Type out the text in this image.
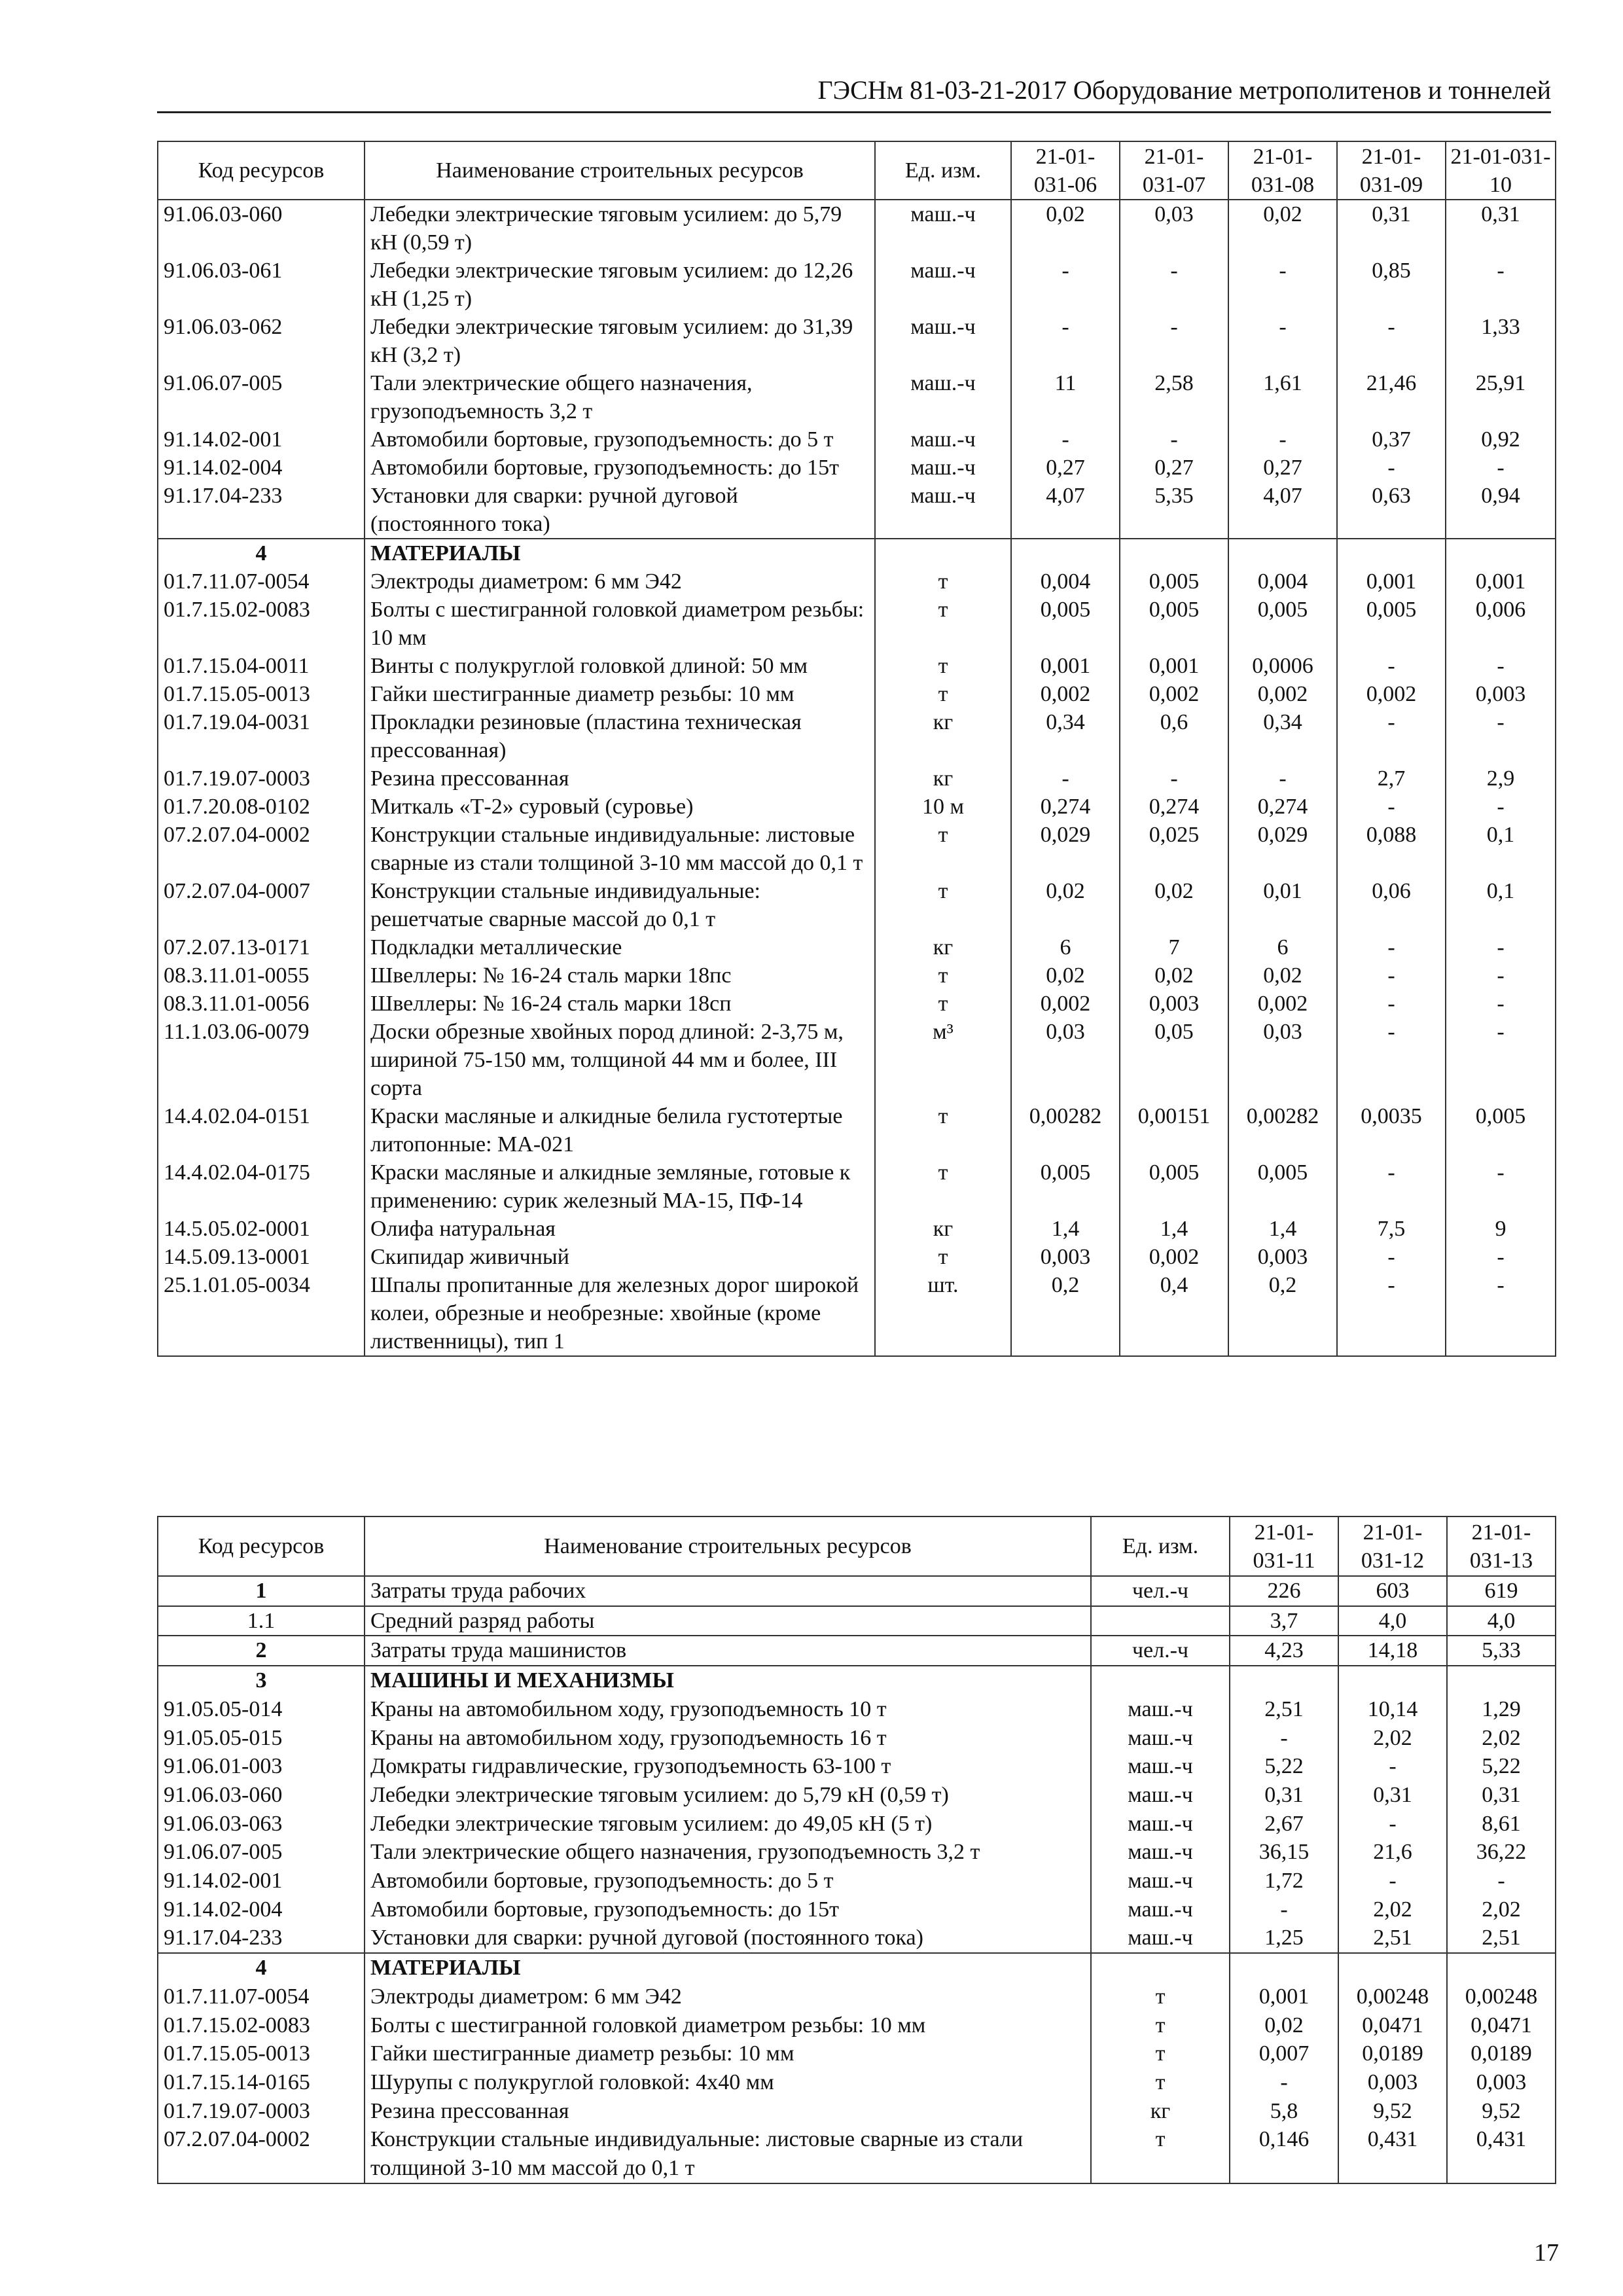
ГЭСНм 81-03-21-2017 Оборудование метрополитенов и тоннелей
Код ресурсов	Наименование строительных ресурсов	Ед. изм.	21-01-031-06	21-01-031-07	21-01-031-08	21-01-031-09	21-01-031-10
91.06.03-060	Лебедки электрические тяговым усилием: до 5,79 кН (0,59 т)	маш.-ч	0,02	0,03	0,02	0,31	0,31
91.06.03-061	Лебедки электрические тяговым усилием: до 12,26 кН (1,25 т)	маш.-ч	-	-	-	0,85	-
91.06.03-062	Лебедки электрические тяговым усилием: до 31,39 кН (3,2 т)	маш.-ч	-	-	-	-	1,33
91.06.07-005	Тали электрические общего назначения, грузоподъемность 3,2 т	маш.-ч	11	2,58	1,61	21,46	25,91
91.14.02-001	Автомобили бортовые, грузоподъемность: до 5 т	маш.-ч	-	-	-	0,37	0,92
91.14.02-004	Автомобили бортовые, грузоподъемность: до 15т	маш.-ч	0,27	0,27	0,27	-	-
91.17.04-233	Установки для сварки: ручной дуговой (постоянного тока)	маш.-ч	4,07	5,35	4,07	0,63	0,94
4	МАТЕРИАЛЫ						
01.7.11.07-0054	Электроды диаметром: 6 мм Э42	т	0,004	0,005	0,004	0,001	0,001
01.7.15.02-0083	Болты с шестигранной головкой диаметром резьбы: 10 мм	т	0,005	0,005	0,005	0,005	0,006
01.7.15.04-0011	Винты с полукруглой головкой длиной: 50 мм	т	0,001	0,001	0,0006	-	-
01.7.15.05-0013	Гайки шестигранные диаметр резьбы: 10 мм	т	0,002	0,002	0,002	0,002	0,003
01.7.19.04-0031	Прокладки резиновые (пластина техническая прессованная)	кг	0,34	0,6	0,34	-	-
01.7.19.07-0003	Резина прессованная	кг	-	-	-	2,7	2,9
01.7.20.08-0102	Миткаль «Т-2» суровый (суровье)	10 м	0,274	0,274	0,274	-	-
07.2.07.04-0002	Конструкции стальные индивидуальные: листовые сварные из стали толщиной 3-10 мм массой до 0,1 т	т	0,029	0,025	0,029	0,088	0,1
07.2.07.04-0007	Конструкции стальные индивидуальные: решетчатые сварные массой до 0,1 т	т	0,02	0,02	0,01	0,06	0,1
07.2.07.13-0171	Подкладки металлические	кг	6	7	6	-	-
08.3.11.01-0055	Швеллеры: № 16-24 сталь марки 18пс	т	0,02	0,02	0,02	-	-
08.3.11.01-0056	Швеллеры: № 16-24 сталь марки 18сп	т	0,002	0,003	0,002	-	-
11.1.03.06-0079	Доски обрезные хвойных пород длиной: 2-3,75 м, шириной 75-150 мм, толщиной 44 мм и более, III сорта	м³	0,03	0,05	0,03	-	-
14.4.02.04-0151	Краски масляные и алкидные белила густотертые литопонные: МА-021	т	0,00282	0,00151	0,00282	0,0035	0,005
14.4.02.04-0175	Краски масляные и алкидные земляные, готовые к применению: сурик железный МА-15, ПФ-14	т	0,005	0,005	0,005	-	-
14.5.05.02-0001	Олифа натуральная	кг	1,4	1,4	1,4	7,5	9
14.5.09.13-0001	Скипидар живичный	т	0,003	0,002	0,003	-	-
25.1.01.05-0034	Шпалы пропитанные для железных дорог широкой колеи, обрезные и необрезные: хвойные (кроме лиственницы), тип 1	шт.	0,2	0,4	0,2	-	-
Код ресурсов	Наименование строительных ресурсов	Ед. изм.	21-01-031-11	21-01-031-12	21-01-031-13
1	Затраты труда рабочих	чел.-ч	226	603	619
1.1	Средний разряд работы		3,7	4,0	4,0
2	Затраты труда машинистов	чел.-ч	4,23	14,18	5,33
3	МАШИНЫ И МЕХАНИЗМЫ				
91.05.05-014	Краны на автомобильном ходу, грузоподъемность 10 т	маш.-ч	2,51	10,14	1,29
91.05.05-015	Краны на автомобильном ходу, грузоподъемность 16 т	маш.-ч	-	2,02	2,02
91.06.01-003	Домкраты гидравлические, грузоподъемность 63-100 т	маш.-ч	5,22	-	5,22
91.06.03-060	Лебедки электрические тяговым усилием: до 5,79 кН (0,59 т)	маш.-ч	0,31	0,31	0,31
91.06.03-063	Лебедки электрические тяговым усилием: до 49,05 кН (5 т)	маш.-ч	2,67	-	8,61
91.06.07-005	Тали электрические общего назначения, грузоподъемность 3,2 т	маш.-ч	36,15	21,6	36,22
91.14.02-001	Автомобили бортовые, грузоподъемность: до 5 т	маш.-ч	1,72	-	-
91.14.02-004	Автомобили бортовые, грузоподъемность: до 15т	маш.-ч	-	2,02	2,02
91.17.04-233	Установки для сварки: ручной дуговой (постоянного тока)	маш.-ч	1,25	2,51	2,51
4	МАТЕРИАЛЫ				
01.7.11.07-0054	Электроды диаметром: 6 мм Э42	т	0,001	0,00248	0,00248
01.7.15.02-0083	Болты с шестигранной головкой диаметром резьбы: 10 мм	т	0,02	0,0471	0,0471
01.7.15.05-0013	Гайки шестигранные диаметр резьбы: 10 мм	т	0,007	0,0189	0,0189
01.7.15.14-0165	Шурупы с полукруглой головкой: 4х40 мм	т	-	0,003	0,003
01.7.19.07-0003	Резина прессованная	кг	5,8	9,52	9,52
07.2.07.04-0002	Конструкции стальные индивидуальные: листовые сварные из стали толщиной 3-10 мм массой до 0,1 т	т	0,146	0,431	0,431
17
